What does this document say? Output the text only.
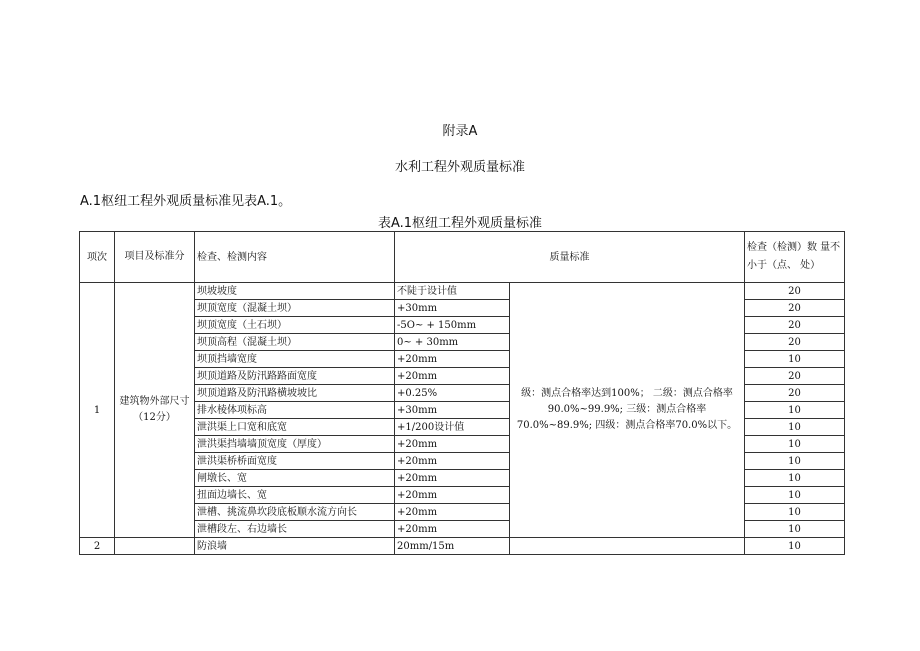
附录A
水利工程外观质量标准
A.1枢纽工程外观质量标准见表A.1。
表A.1枢纽工程外观质量标准
项次	项目及标准分	检查、检测内容	质量标准		检查（检测）数 量不小于（点、 处）
1	建筑物外部尺寸 （12分）	坝坡坡度	不陡于设计值	级：测点合格率达到100%； 二级：测点合格率90.0%~99.9%; 三级：测点合格率70.0%~89.9%; 四级：测点合格率70.0%以下。	20
		坝顶宽度（混凝土坝）	+30mm		20
		坝顶宽度（土石坝）	-5O~ + 150mm		20
		坝顶高程（混凝土坝）	0~ + 30mm		20
		坝顶挡墙宽度	+20mm		10
		坝顶道路及防汛路路面宽度	+20mm		20
		坝顶道路及防汛路横坡坡比	+0.25%		20
		排水棱体项标高	+30mm		10
		泄洪渠上口宽和底宽	+1/200设计值		10
		泄洪渠挡墙墙顶宽度（厚度）	+20mm		10
		泄洪渠桥桥面宽度	+20mm		10
		闸墩长、宽	+20mm		10
		扭面边墙长、宽	+20mm		10
		泄槽、挑流鼻坎段底板顺水流方向长	+20mm		10
		泄槽段左、右边墙长	+20mm		10
2		防浪墙	20mm/15m		10
